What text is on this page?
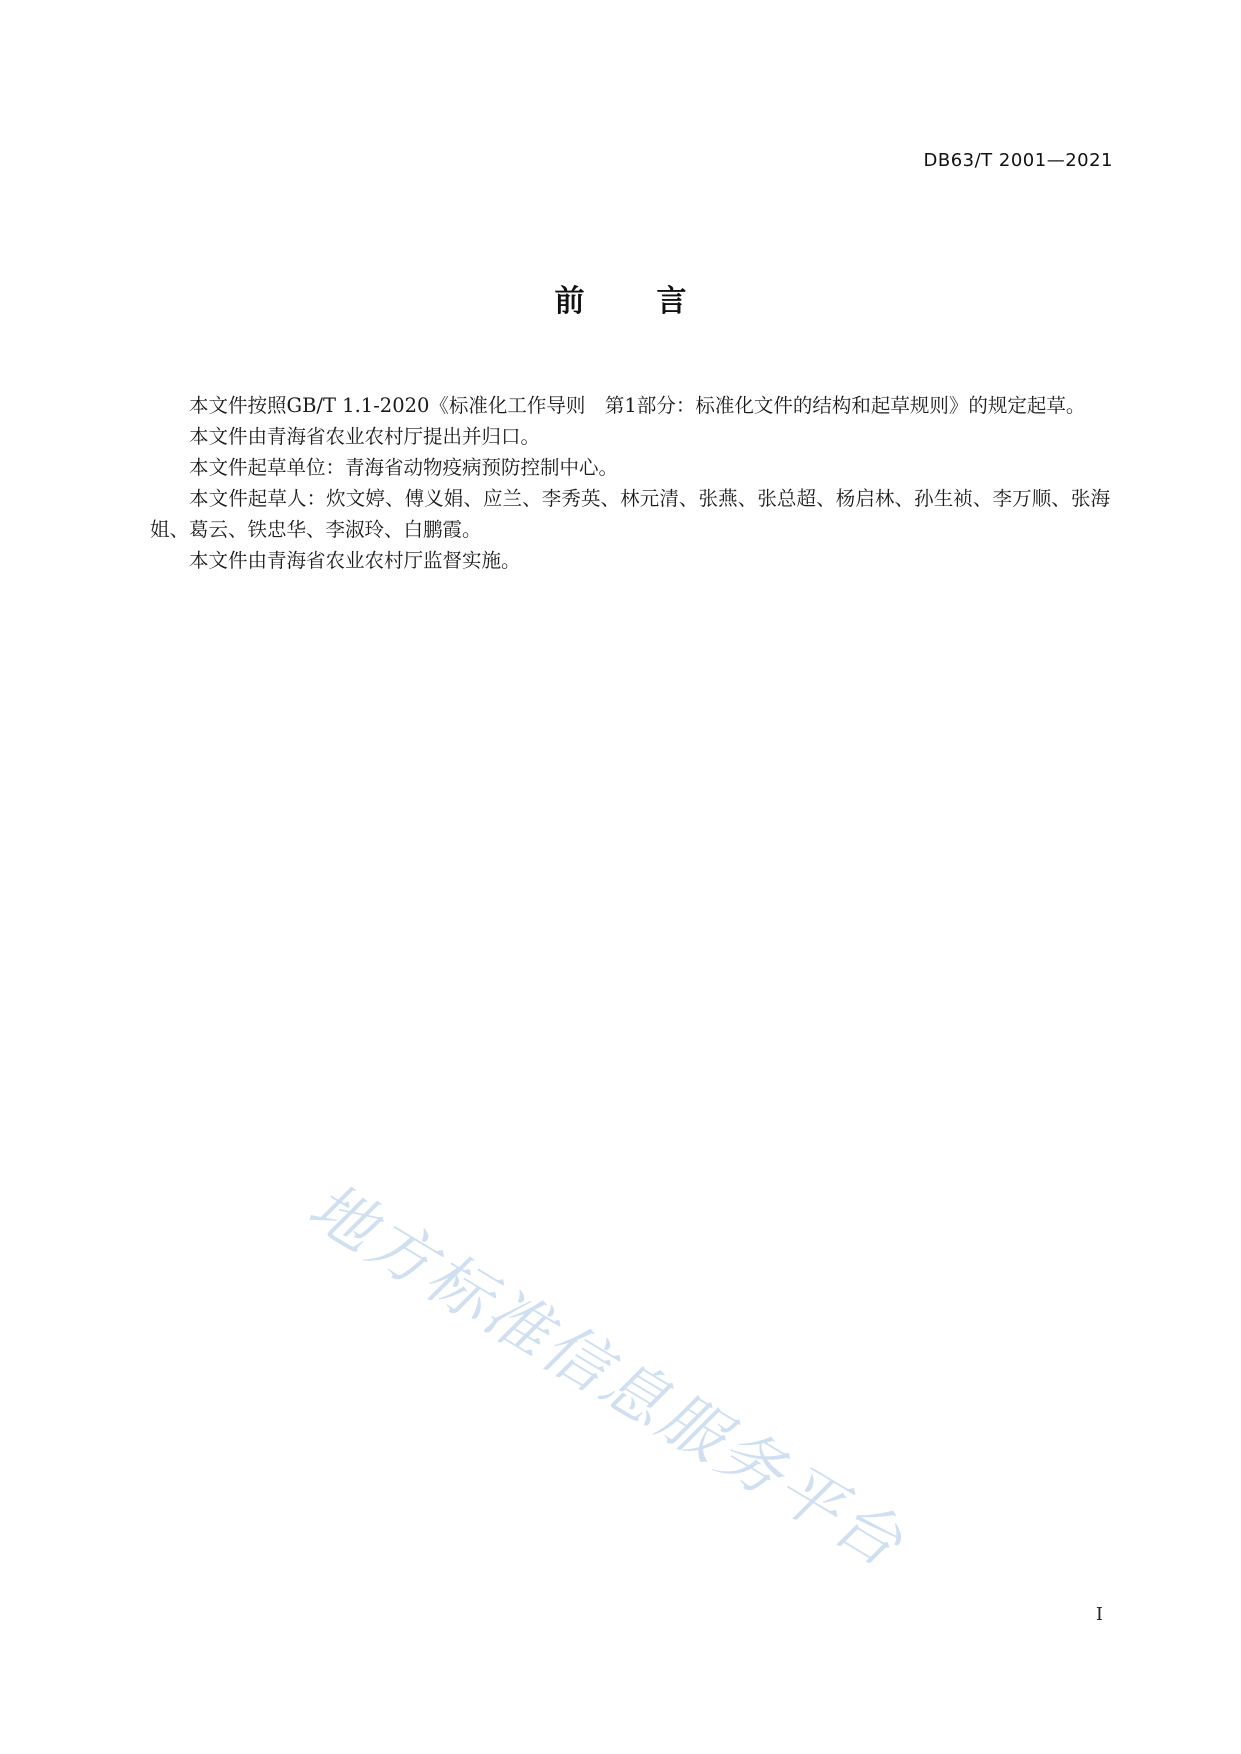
DB63/T 2001—2021
前 言

本文件按照GB/T 1.1-2020《标准化工作导则　第1部分：标准化文件的结构和起草规则》的规定起草。

本文件由青海省农业农村厅提出并归口。

本文件起草单位：青海省动物疫病预防控制中心。

本文件起草人：炊文婷、傅义娟、应兰、李秀英、林元清、张燕、张总超、杨启林、孙生祯、李万顺、张海姐、葛云、铁忠华、李淑玲、白鹏霞。

本文件由青海省农业农村厅监督实施。

地方标准信息服务平台
I
